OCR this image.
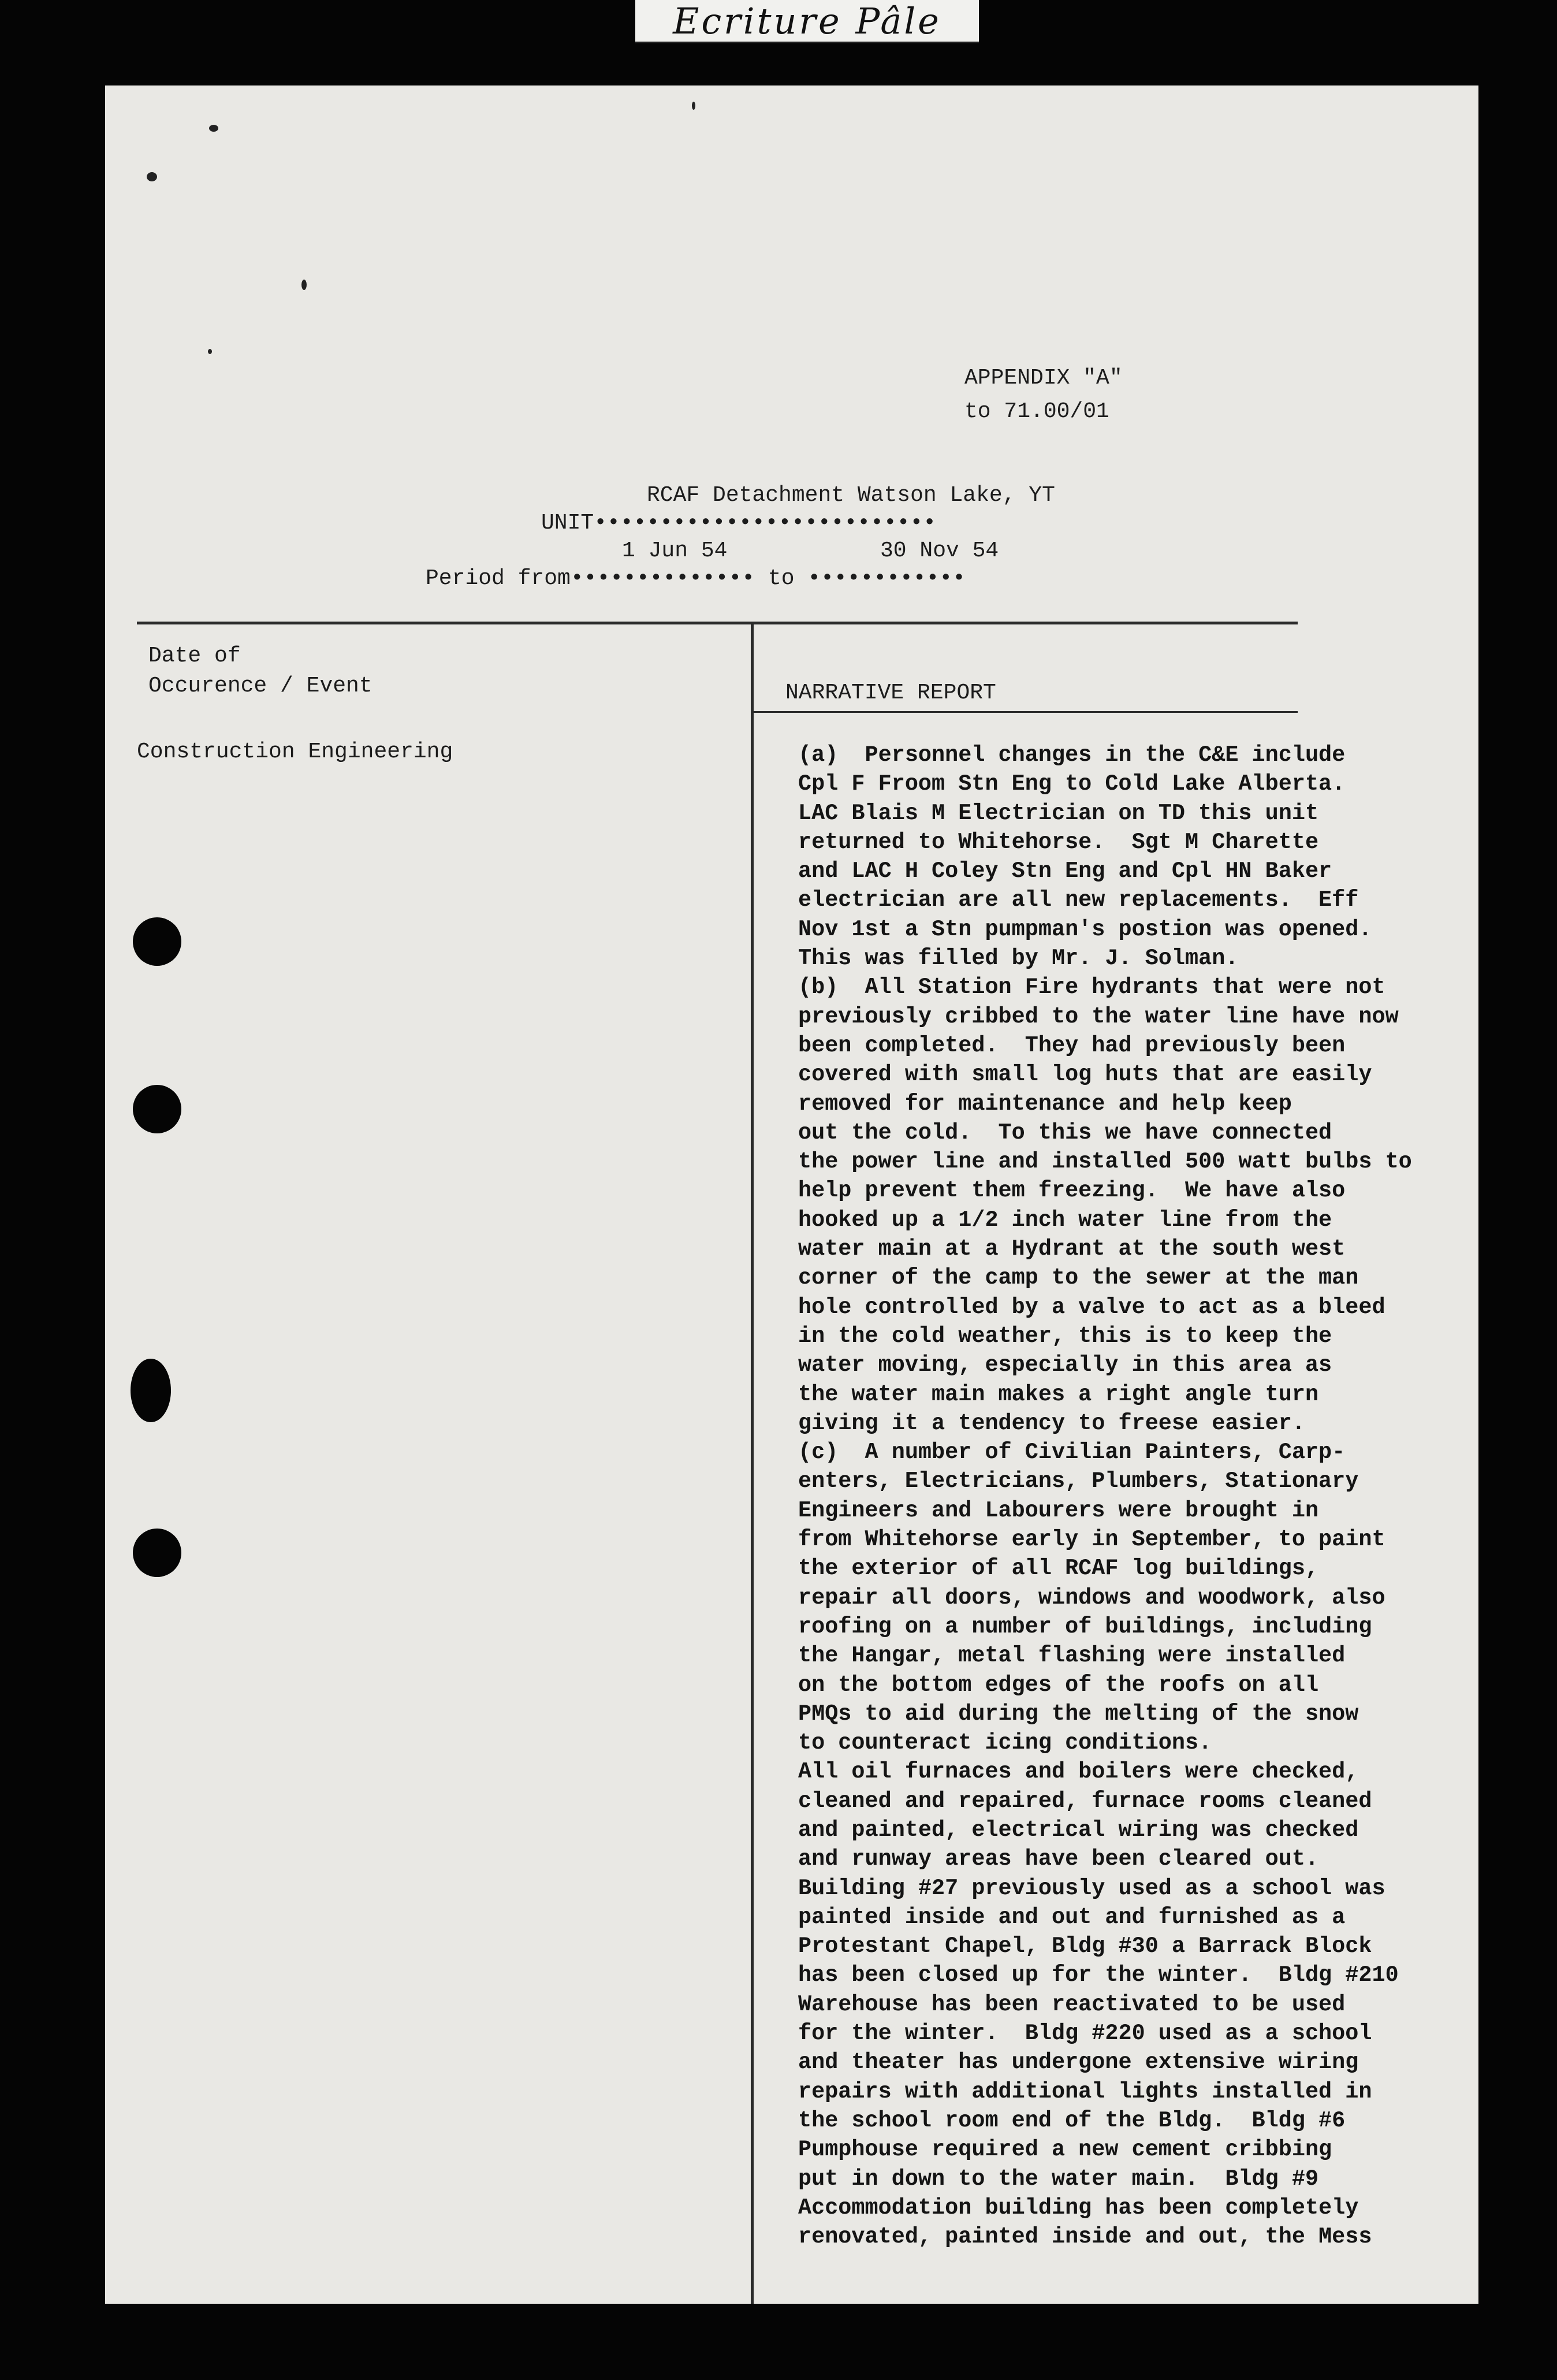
Ecriture Pâle
APPENDIX "A"
to 71.00/01
RCAF Detachment Watson Lake, YT
UNIT••••••••••••••••••••••••••
1 Jun 54	30 Nov 54
Period from•••••••••••••• to ••••••••••••
Date of
Occurence / Event	NARRATIVE REPORT
Construction Engineering	(a)  Personnel changes in the C&E include
Cpl F Froom Stn Eng to Cold Lake Alberta.
LAC Blais M Electrician on TD this unit
returned to Whitehorse.  Sgt M Charette
and LAC H Coley Stn Eng and Cpl HN Baker
electrician are all new replacements.  Eff
Nov 1st a Stn pumpman's postion was opened.
This was filled by Mr. J. Solman.
(b)  All Station Fire hydrants that were not
previously cribbed to the water line have now
been completed.  They had previously been
covered with small log huts that are easily
removed for maintenance and help keep
out the cold.  To this we have connected
the power line and installed 500 watt bulbs to
help prevent them freezing.  We have also
hooked up a 1/2 inch water line from the
water main at a Hydrant at the south west
corner of the camp to the sewer at the man
hole controlled by a valve to act as a bleed
in the cold weather, this is to keep the
water moving, especially in this area as
the water main makes a right angle turn
giving it a tendency to freese easier.
(c)  A number of Civilian Painters, Carp-
enters, Electricians, Plumbers, Stationary
Engineers and Labourers were brought in
from Whitehorse early in September, to paint
the exterior of all RCAF log buildings,
repair all doors, windows and woodwork, also
roofing on a number of buildings, including
the Hangar, metal flashing were installed
on the bottom edges of the roofs on all
PMQs to aid during the melting of the snow
to counteract icing conditions.
All oil furnaces and boilers were checked,
cleaned and repaired, furnace rooms cleaned
and painted, electrical wiring was checked
and runway areas have been cleared out.
Building #27 previously used as a school was
painted inside and out and furnished as a
Protestant Chapel, Bldg #30 a Barrack Block
has been closed up for the winter.  Bldg #210
Warehouse has been reactivated to be used
for the winter.  Bldg #220 used as a school
and theater has undergone extensive wiring
repairs with additional lights installed in
the school room end of the Bldg.  Bldg #6
Pumphouse required a new cement cribbing
put in down to the water main.  Bldg #9
Accommodation building has been completely
renovated, painted inside and out, the Mess
